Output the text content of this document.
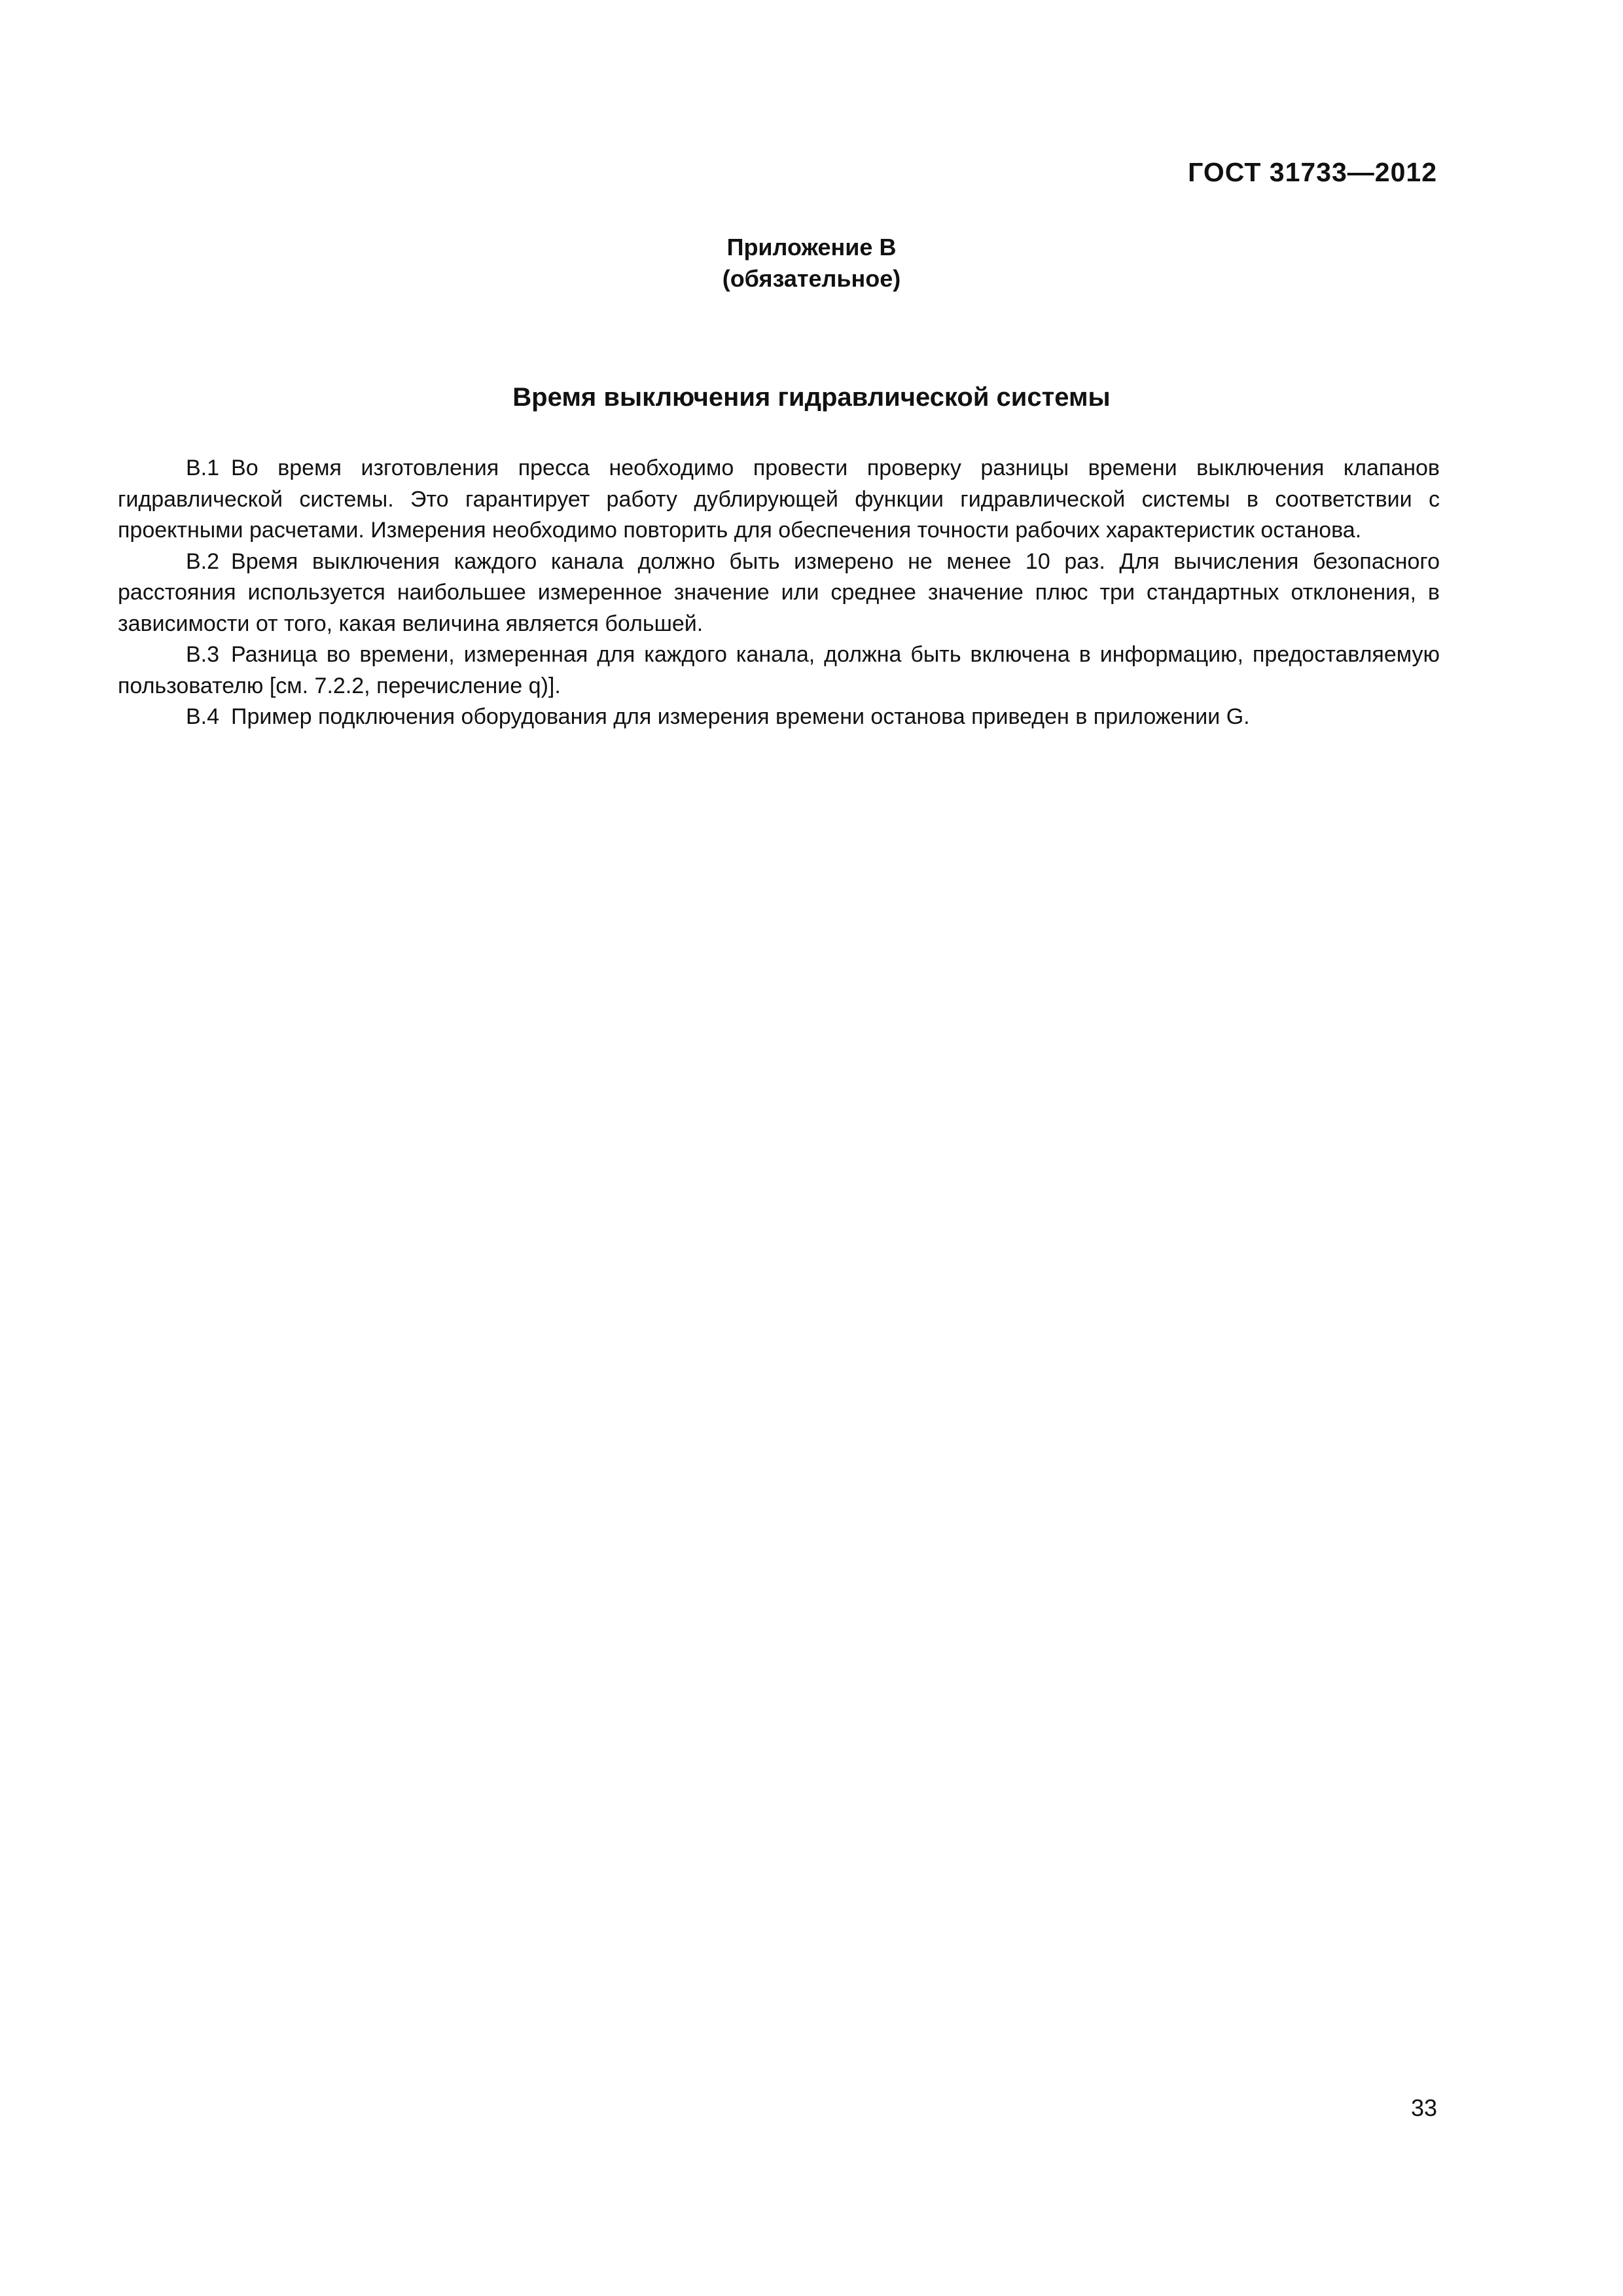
ГОСТ 31733—2012
Приложение В
(обязательное)
Время выключения гидравлической системы

В.1 Во время изготовления пресса необходимо провести проверку разницы времени выключения клапанов гидравлической системы. Это гарантирует работу дублирующей функции гидравлической системы в соответствии с проектными расчетами. Измерения необходимо повторить для обеспечения точности рабочих характеристик останова.

В.2 Время выключения каждого канала должно быть измерено не менее 10 раз. Для вычисления безопасного расстояния используется наибольшее измеренное значение или среднее значение плюс три стандартных отклонения, в зависимости от того, какая величина является большей.

В.3 Разница во времени, измеренная для каждого канала, должна быть включена в информацию, предоставляемую пользователю [см. 7.2.2, перечисление q)].

В.4 Пример подключения оборудования для измерения времени останова приведен в приложении G.

33
